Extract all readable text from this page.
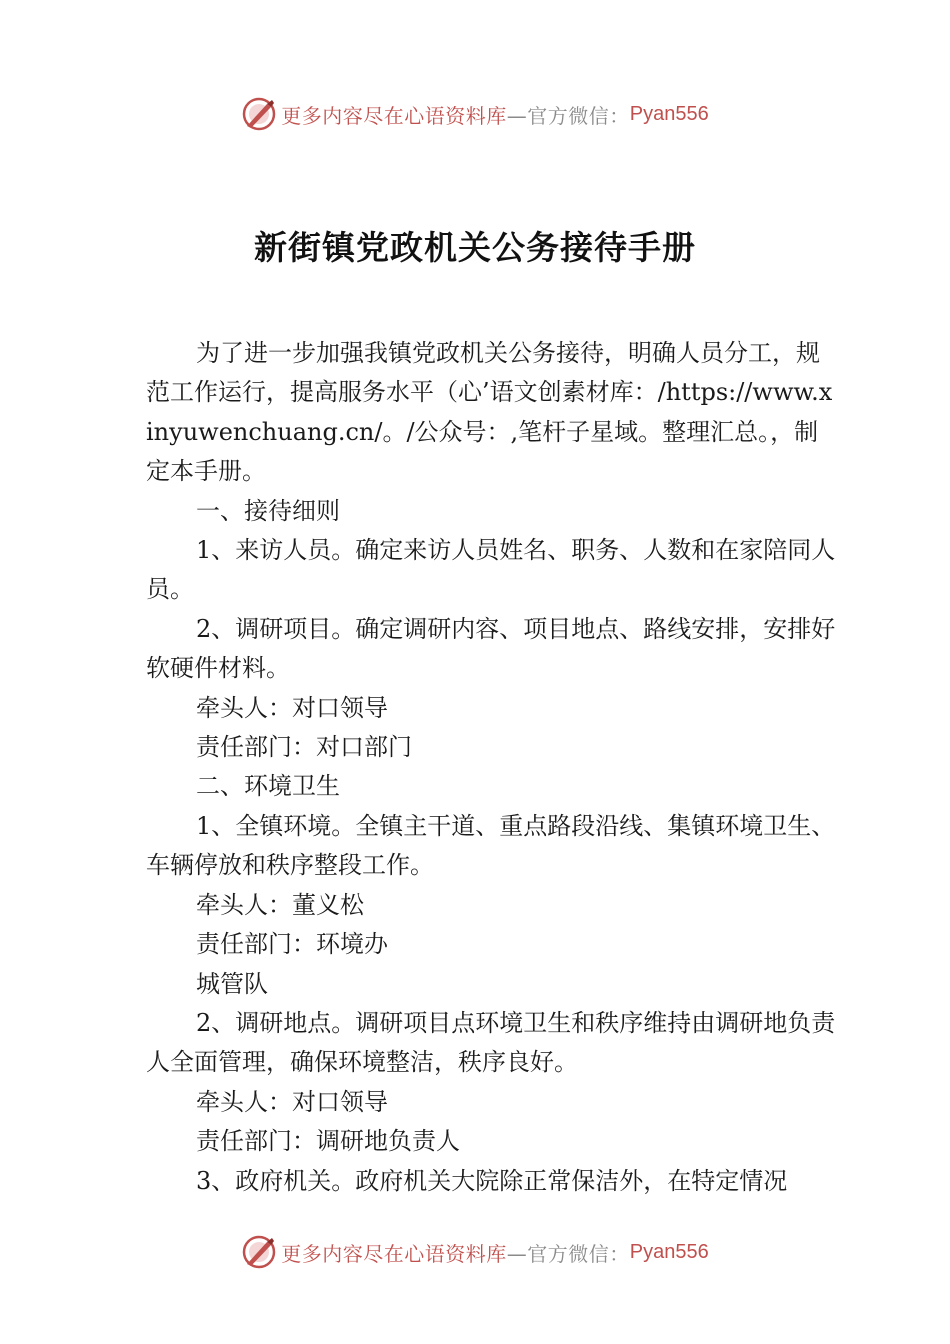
更多内容尽在心语资料库 —官方微信： Pyan556
新街镇党政机关公务接待手册

为了进一步加强我镇党政机关公务接待，明确人员分工，规范工作运行，提高服务水平（心’语文创素材库：/https://www.xinyuwenchuang.cn/。/公众号：,笔杆子星域。整理汇总。，制定本手册。

一、接待细则

1、来访人员。确定来访人员姓名、职务、人数和在家陪同人员。

2、调研项目。确定调研内容、项目地点、路线安排，安排好软硬件材料。

牵头人：对口领导

责任部门：对口部门

二、环境卫生

1、全镇环境。全镇主干道、重点路段沿线、集镇环境卫生、车辆停放和秩序整段工作。

牵头人：董义松

责任部门：环境办

城管队

2、调研地点。调研项目点环境卫生和秩序维持由调研地负责人全面管理，确保环境整洁，秩序良好。

牵头人：对口领导

责任部门：调研地负责人

3、政府机关。政府机关大院除正常保洁外，在特定情况

更多内容尽在心语资料库 —官方微信： Pyan556
